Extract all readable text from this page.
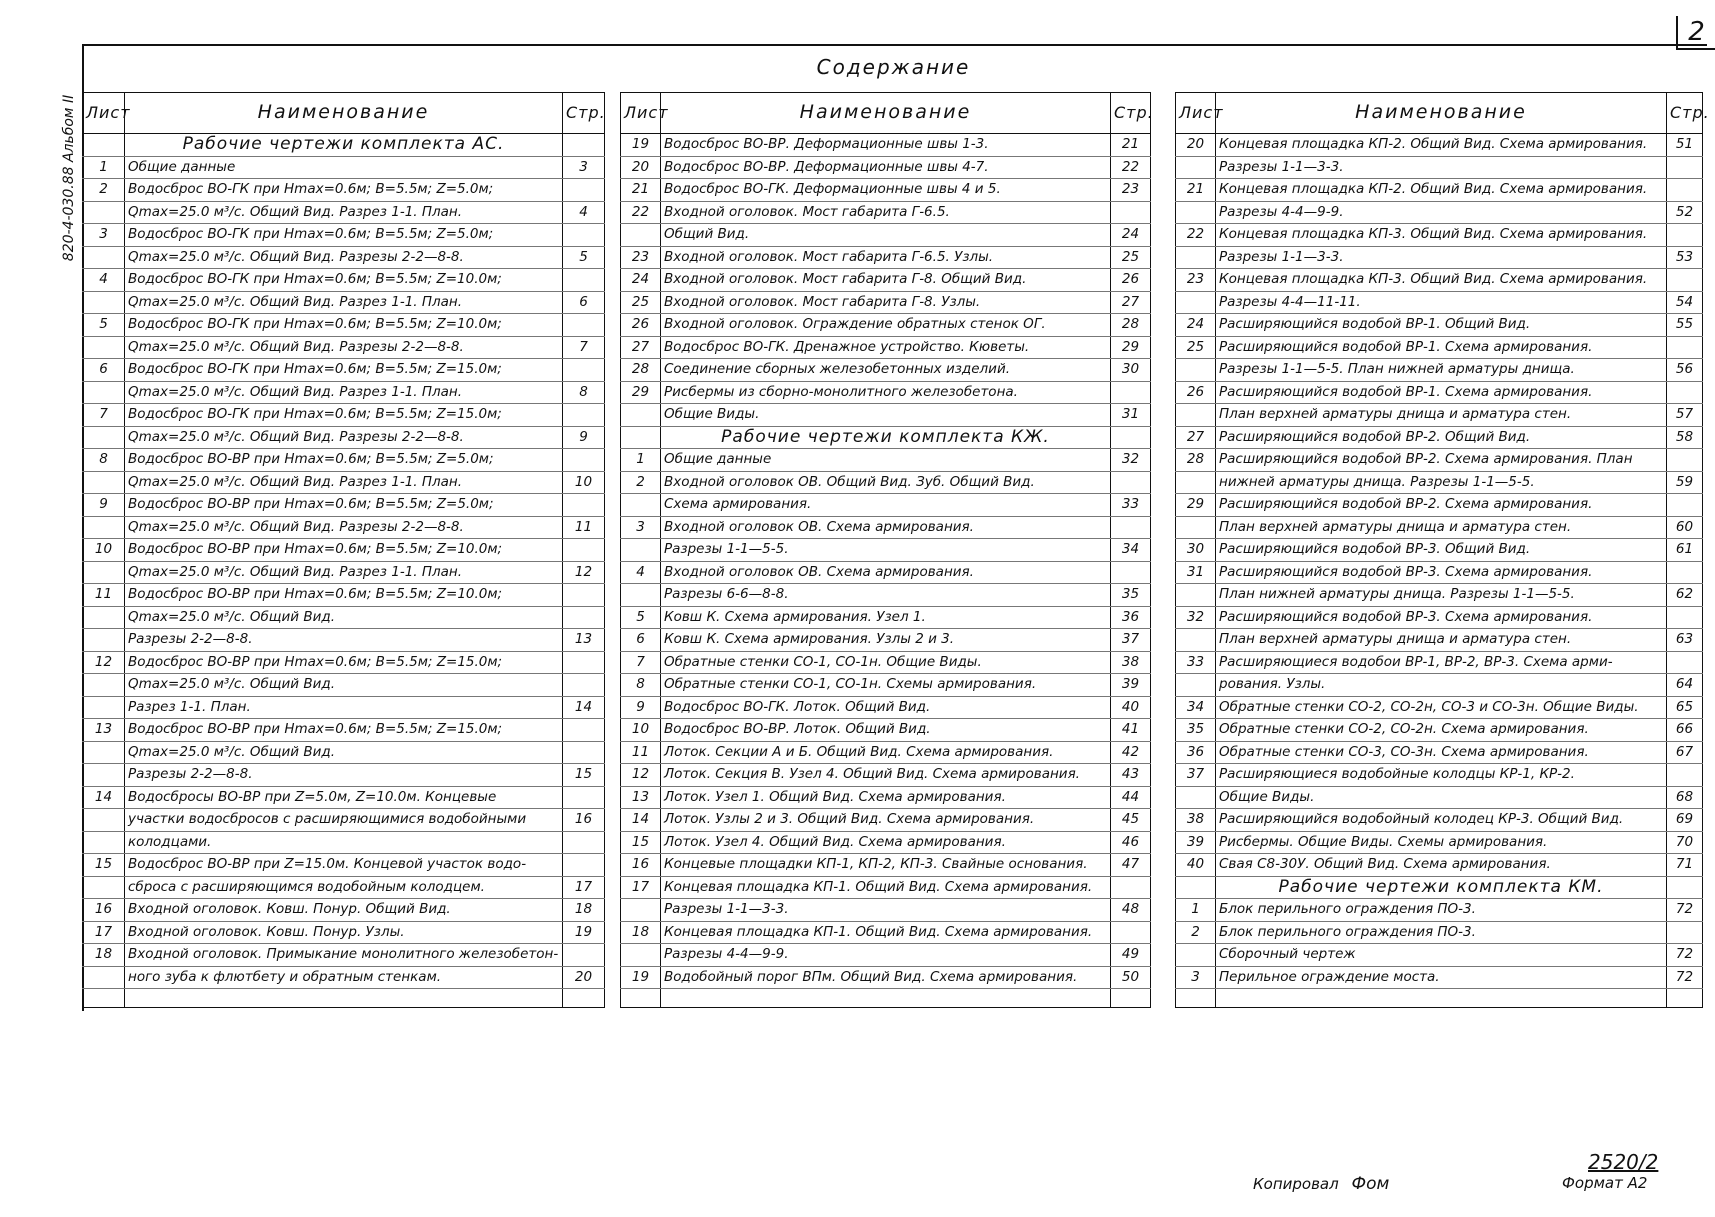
2
820-4-030.88 Альбом II
Содержание
Лист	Наименование	Стр.
	Рабочие чертежи комплекта АС.	
1	Общие данные	3
2	Водосброс ВО-ГК при Нmax=0.6м; В=5.5м; Z=5.0м;	
	Qmax=25.0 м³/с. Общий Вид. Разрез 1-1. План.	4
3	Водосброс ВО-ГК при Нmax=0.6м; В=5.5м; Z=5.0м;	
	Qmax=25.0 м³/с. Общий Вид. Разрезы 2-2—8-8.	5
4	Водосброс ВО-ГК при Нmax=0.6м; В=5.5м; Z=10.0м;	
	Qmax=25.0 м³/с. Общий Вид. Разрез 1-1. План.	6
5	Водосброс ВО-ГК при Нmax=0.6м; В=5.5м; Z=10.0м;	
	Qmax=25.0 м³/с. Общий Вид. Разрезы 2-2—8-8.	7
6	Водосброс ВО-ГК при Нmax=0.6м; В=5.5м; Z=15.0м;	
	Qmax=25.0 м³/с. Общий Вид. Разрез 1-1. План.	8
7	Водосброс ВО-ГК при Нmax=0.6м; В=5.5м; Z=15.0м;	
	Qmax=25.0 м³/с. Общий Вид. Разрезы 2-2—8-8.	9
8	Водосброс ВО-ВР при Нmax=0.6м; В=5.5м; Z=5.0м;	
	Qmax=25.0 м³/с. Общий Вид. Разрез 1-1. План.	10
9	Водосброс ВО-ВР при Нmax=0.6м; В=5.5м; Z=5.0м;	
	Qmax=25.0 м³/с. Общий Вид. Разрезы 2-2—8-8.	11
10	Водосброс ВО-ВР при Нmax=0.6м; В=5.5м; Z=10.0м;	
	Qmax=25.0 м³/с. Общий Вид. Разрез 1-1. План.	12
11	Водосброс ВО-ВР при Нmax=0.6м; В=5.5м; Z=10.0м;	
	Qmax=25.0 м³/с. Общий Вид.	
	Разрезы 2-2—8-8.	13
12	Водосброс ВО-ВР при Нmax=0.6м; В=5.5м; Z=15.0м;	
	Qmax=25.0 м³/с. Общий Вид.	
	Разрез 1-1. План.	14
13	Водосброс ВО-ВР при Нmax=0.6м; В=5.5м; Z=15.0м;	
	Qmax=25.0 м³/с. Общий Вид.	
	Разрезы 2-2—8-8.	15
14	Водосбросы ВО-ВР при Z=5.0м, Z=10.0м. Концевые	
	участки водосбросов с расширяющимися водобойными	16
	колодцами.	
15	Водосброс ВО-ВР при Z=15.0м. Концевой участок водо-	
	сброса с расширяющимся водобойным колодцем.	17
16	Входной оголовок. Ковш. Понур. Общий Вид.	18
17	Входной оголовок. Ковш. Понур. Узлы.	19
18	Входной оголовок. Примыкание монолитного железобетон-	
	ного зуба к флютбету и обратным стенкам.	20

Лист	Наименование	Стр.
19	Водосброс ВО-ВР. Деформационные швы 1-3.	21
20	Водосброс ВО-ВР. Деформационные швы 4-7.	22
21	Водосброс ВО-ГК. Деформационные швы 4 и 5.	23
22	Входной оголовок. Мост габарита Г-6.5.	
	Общий Вид.	24
23	Входной оголовок. Мост габарита Г-6.5. Узлы.	25
24	Входной оголовок. Мост габарита Г-8. Общий Вид.	26
25	Входной оголовок. Мост габарита Г-8. Узлы.	27
26	Входной оголовок. Ограждение обратных стенок ОГ.	28
27	Водосброс ВО-ГК. Дренажное устройство. Кюветы.	29
28	Соединение сборных железобетонных изделий.	30
29	Рисбермы из сборно-монолитного железобетона.	
	Общие Виды.	31
	Рабочие чертежи комплекта КЖ.	
1	Общие данные	32
2	Входной оголовок ОВ. Общий Вид. Зуб. Общий Вид.	
	Схема армирования.	33
3	Входной оголовок ОВ. Схема армирования.	
	Разрезы 1-1—5-5.	34
4	Входной оголовок ОВ. Схема армирования.	
	Разрезы 6-6—8-8.	35
5	Ковш К. Схема армирования. Узел 1.	36
6	Ковш К. Схема армирования. Узлы 2 и 3.	37
7	Обратные стенки СО-1, СО-1н. Общие Виды.	38
8	Обратные стенки СО-1, СО-1н. Схемы армирования.	39
9	Водосброс ВО-ГК. Лоток. Общий Вид.	40
10	Водосброс ВО-ВР. Лоток. Общий Вид.	41
11	Лоток. Секции А и Б. Общий Вид. Схема армирования.	42
12	Лоток. Секция В. Узел 4. Общий Вид. Схема армирования.	43
13	Лоток. Узел 1. Общий Вид. Схема армирования.	44
14	Лоток. Узлы 2 и 3. Общий Вид. Схема армирования.	45
15	Лоток. Узел 4. Общий Вид. Схема армирования.	46
16	Концевые площадки КП-1, КП-2, КП-3. Свайные основания.	47
17	Концевая площадка КП-1. Общий Вид. Схема армирования.	
	Разрезы 1-1—3-3.	48
18	Концевая площадка КП-1. Общий Вид. Схема армирования.	
	Разрезы 4-4—9-9.	49
19	Водобойный порог ВПм. Общий Вид. Схема армирования.	50

Лист	Наименование	Стр.
20	Концевая площадка КП-2. Общий Вид. Схема армирования.	51
	Разрезы 1-1—3-3.	
21	Концевая площадка КП-2. Общий Вид. Схема армирования.	
	Разрезы 4-4—9-9.	52
22	Концевая площадка КП-3. Общий Вид. Схема армирования.	
	Разрезы 1-1—3-3.	53
23	Концевая площадка КП-3. Общий Вид. Схема армирования.	
	Разрезы 4-4—11-11.	54
24	Расширяющийся водобой ВР-1. Общий Вид.	55
25	Расширяющийся водобой ВР-1. Схема армирования.	
	Разрезы 1-1—5-5. План нижней арматуры днища.	56
26	Расширяющийся водобой ВР-1. Схема армирования.	
	План верхней арматуры днища и арматура стен.	57
27	Расширяющийся водобой ВР-2. Общий Вид.	58
28	Расширяющийся водобой ВР-2. Схема армирования. План	
	нижней арматуры днища. Разрезы 1-1—5-5.	59
29	Расширяющийся водобой ВР-2. Схема армирования.	
	План верхней арматуры днища и арматура стен.	60
30	Расширяющийся водобой ВР-3. Общий Вид.	61
31	Расширяющийся водобой ВР-3. Схема армирования.	
	План нижней арматуры днища. Разрезы 1-1—5-5.	62
32	Расширяющийся водобой ВР-3. Схема армирования.	
	План верхней арматуры днища и арматура стен.	63
33	Расширяющиеся водобои ВР-1, ВР-2, ВР-3. Схема арми-	
	рования. Узлы.	64
34	Обратные стенки СО-2, СО-2н, СО-3 и СО-3н. Общие Виды.	65
35	Обратные стенки СО-2, СО-2н. Схема армирования.	66
36	Обратные стенки СО-3, СО-3н. Схема армирования.	67
37	Расширяющиеся водобойные колодцы КР-1, КР-2.	
	Общие Виды.	68
38	Расширяющийся водобойный колодец КР-3. Общий Вид.	69
39	Рисбермы. Общие Виды. Схемы армирования.	70
40	Свая С8-30У. Общий Вид. Схема армирования.	71
	Рабочие чертежи комплекта КМ.	
1	Блок перильного ограждения ПО-3.	72
2	Блок перильного ограждения ПО-3.	
	Сборочный чертеж	72
3	Перильное ограждение моста.	72

Копировал Фом
2520/2
Формат А2
